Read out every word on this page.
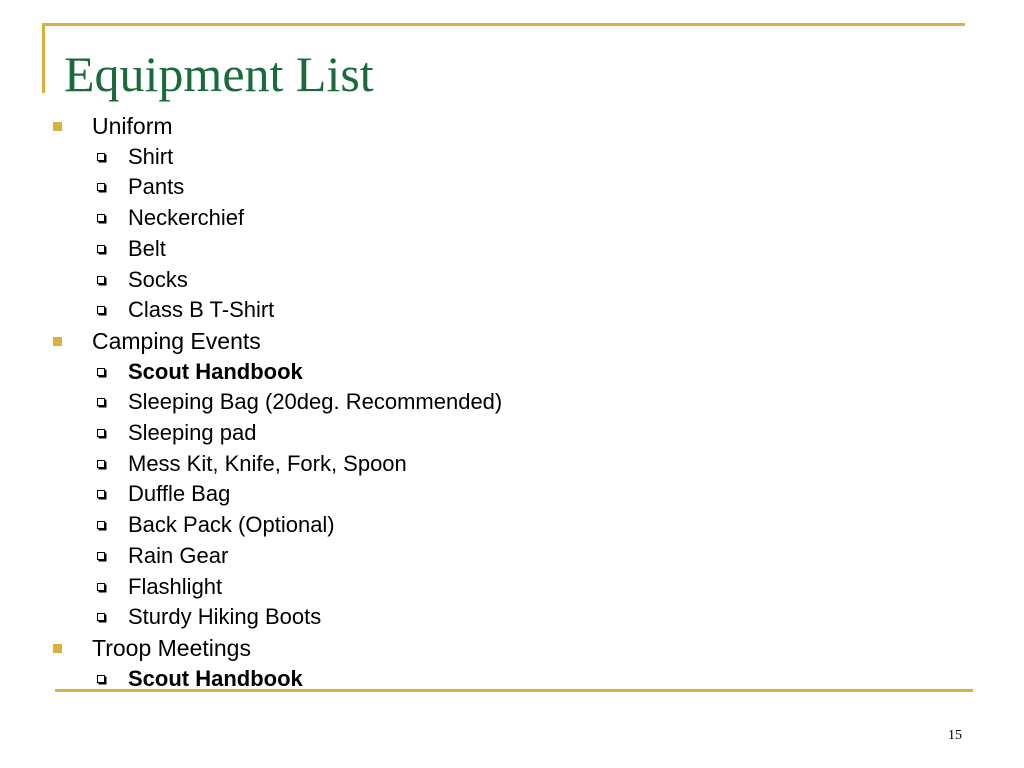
Equipment List
Uniform
Shirt
Pants
Neckerchief
Belt
Socks
Class B T-Shirt
Camping Events
Scout Handbook
Sleeping Bag (20deg. Recommended)
Sleeping pad
Mess Kit, Knife, Fork, Spoon
Duffle Bag
Back Pack (Optional)
Rain Gear
Flashlight
Sturdy Hiking Boots
Troop Meetings
Scout Handbook
15
